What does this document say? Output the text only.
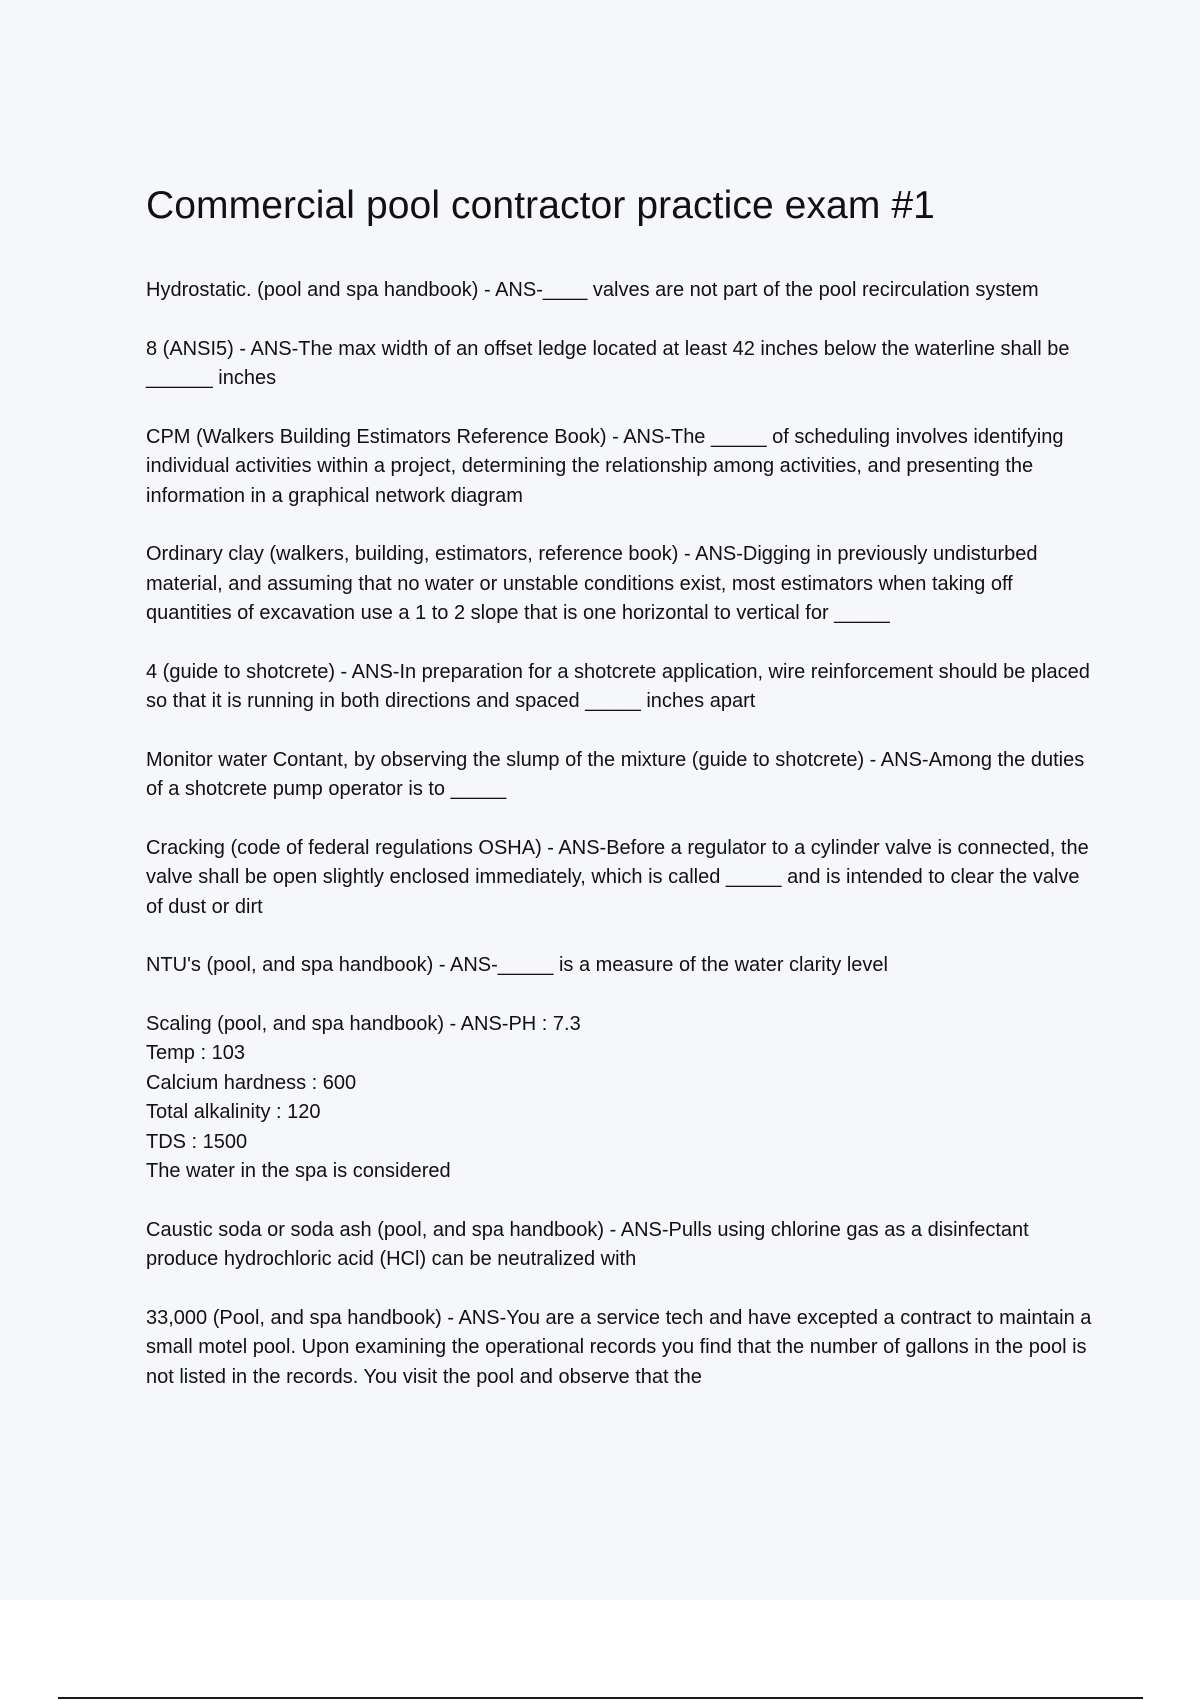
Commercial pool contractor practice exam #1

Hydrostatic. (pool and spa handbook) - ANS-____ valves are not part of the pool recirculation system

8 (ANSI5) - ANS-The max width of an offset ledge located at least 42 inches below the waterline shall be ______ inches

CPM (Walkers Building Estimators Reference Book) - ANS-The _____ of scheduling involves identifying individual activities within a project, determining the relationship among activities, and presenting the information in a graphical network diagram

Ordinary clay (walkers, building, estimators, reference book) - ANS-Digging in previously undisturbed material, and assuming that no water or unstable conditions exist, most estimators when taking off quantities of excavation use a 1 to 2 slope that is one horizontal to vertical for _____

4 (guide to shotcrete) - ANS-In preparation for a shotcrete application, wire reinforcement should be placed so that it is running in both directions and spaced _____ inches apart

Monitor water Contant, by observing the slump of the mixture (guide to shotcrete) - ANS-Among the duties of a shotcrete pump operator is to _____

Cracking (code of federal regulations OSHA) - ANS-Before a regulator to a cylinder valve is connected, the valve shall be open slightly enclosed immediately, which is called _____ and is intended to clear the valve of dust or dirt

NTU's (pool, and spa handbook) - ANS-_____ is a measure of the water clarity level

Scaling (pool, and spa handbook) - ANS-PH : 7.3
Temp : 103
Calcium hardness : 600
Total alkalinity : 120
TDS : 1500
The water in the spa is considered

Caustic soda or soda ash (pool, and spa handbook) - ANS-Pulls using chlorine gas as a disinfectant produce hydrochloric acid (HCl) can be neutralized with

33,000 (Pool, and spa handbook) - ANS-You are a service tech and have excepted a contract to maintain a small motel pool. Upon examining the operational records you find that the number of gallons in the pool is not listed in the records. You visit the pool and observe that the
